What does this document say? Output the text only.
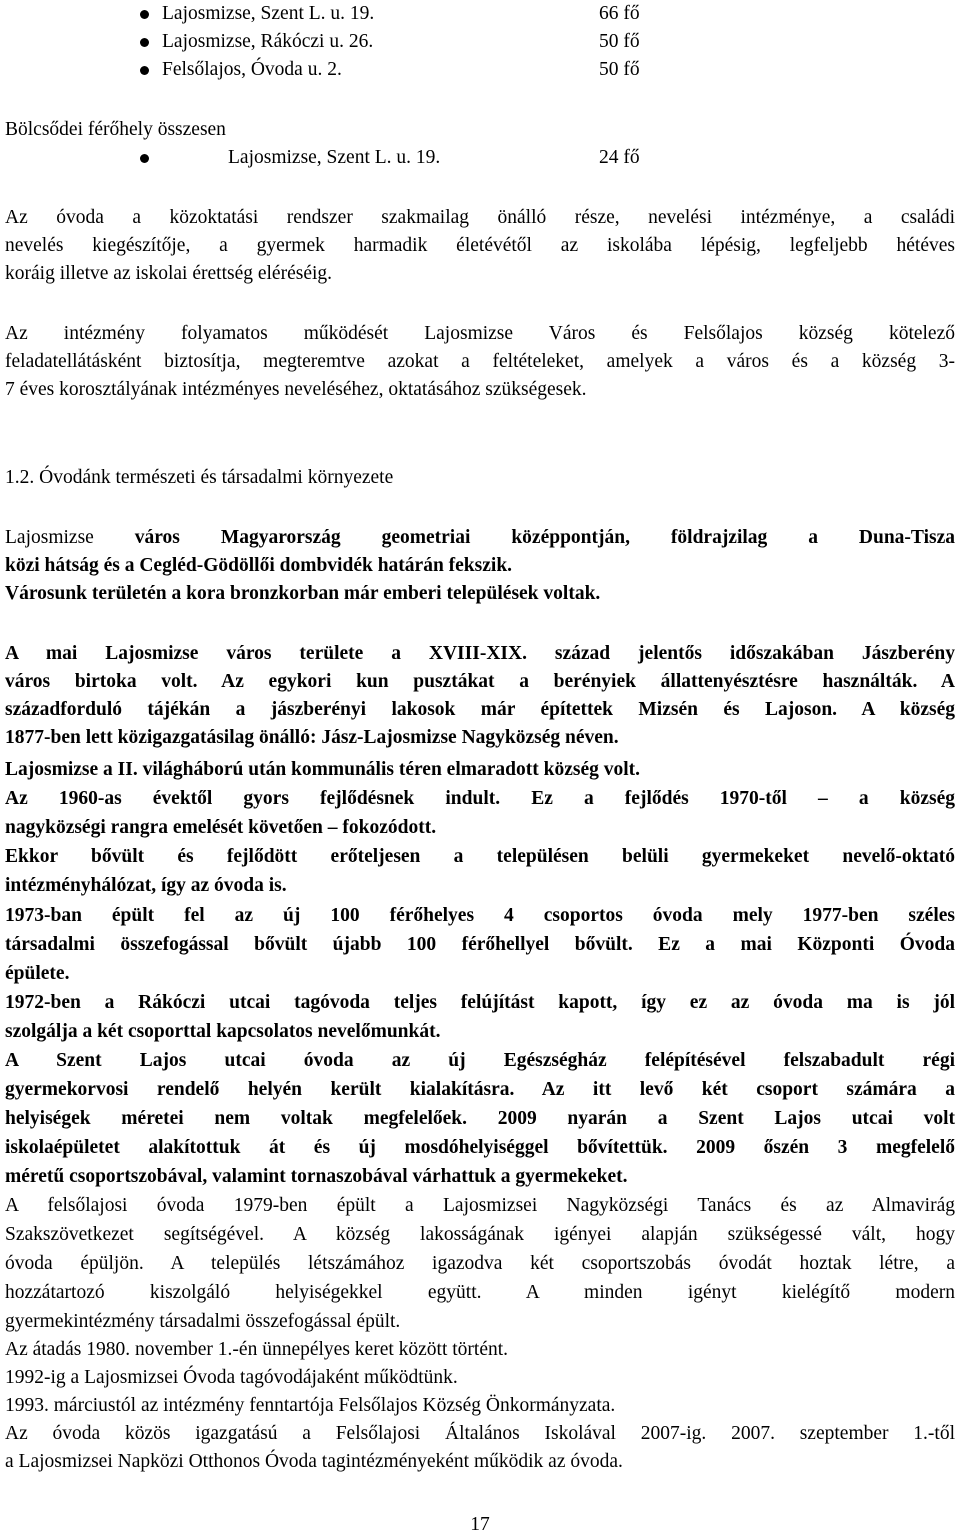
Lajosmizse, Szent L. u. 19.	66 fő
Lajosmizse, Rákóczi u. 26.	50 fő
Felsőlajos, Óvoda u. 2.	50 fő
Bölcsődei férőhely összesen
Lajosmizse, Szent L. u. 19.	24 fő
Az óvoda a közoktatási rendszer szakmailag önálló része, nevelési intézménye, a családi
nevelés kiegészítője, a gyermek harmadik életévétől az iskolába lépésig, legfeljebb hétéves
koráig illetve az iskolai érettség eléréséig.
Az intézmény folyamatos működését Lajosmizse Város és Felsőlajos község kötelező
feladatellátásként biztosítja, megteremtve azokat a feltételeket, amelyek a város és a község 3-
7 éves korosztályának intézményes neveléséhez, oktatásához szükségesek.
1.2. Óvodánk természeti és társadalmi környezete
Lajosmizse város Magyarország geometriai középpontján, földrajzilag a Duna-Tisza
közi hátság és a Cegléd-Gödöllői dombvidék határán fekszik.
Városunk területén a kora bronzkorban már emberi települések voltak.
A mai Lajosmizse város területe a XVIII-XIX. század jelentős időszakában Jászberény
város birtoka volt. Az egykori kun pusztákat a berényiek állattenyésztésre használták. A
századforduló tájékán a jászberényi lakosok már építettek Mizsén és Lajoson. A község
1877-ben lett közigazgatásilag önálló: Jász-Lajosmizse Nagyközség néven.
Lajosmizse a II. világháború után kommunális téren elmaradott község volt.
Az 1960-as évektől gyors fejlődésnek indult. Ez a fejlődés 1970-től – a község
nagyközségi rangra emelését követően – fokozódott.
Ekkor bővült és fejlődött erőteljesen a településen belüli gyermekeket nevelő-oktató
intézményhálózat, így az óvoda is.
1973-ban épült fel az új 100 férőhelyes 4 csoportos óvoda mely 1977-ben széles
társadalmi összefogással bővült újabb 100 férőhellyel bővült. Ez a mai Központi Óvoda
épülete.
1972-ben a Rákóczi utcai tagóvoda teljes felújítást kapott, így ez az óvoda ma is jól
szolgálja a két csoporttal kapcsolatos nevelőmunkát.
A Szent Lajos utcai óvoda az új Egészségház felépítésével felszabadult régi
gyermekorvosi rendelő helyén került kialakításra. Az itt levő két csoport számára a
helyiségek méretei nem voltak megfelelőek. 2009 nyarán a Szent Lajos utcai volt
iskolaépületet alakítottuk át és új mosdóhelyiséggel bővítettük. 2009 őszén 3 megfelelő
méretű csoportszobával, valamint tornaszobával várhattuk a gyermekeket.
A felsőlajosi óvoda 1979-ben épült a Lajosmizsei Nagyközségi Tanács és az Almavirág
Szakszövetkezet segítségével. A község lakosságának igényei alapján szükségessé vált, hogy
óvoda épüljön. A település létszámához igazodva két csoportszobás óvodát hoztak létre, a
hozzátartozó kiszolgáló helyiségekkel együtt. A minden igényt kielégítő modern
gyermekintézmény társadalmi összefogással épült.
Az átadás 1980. november 1.-én ünnepélyes keret között történt.
1992-ig a Lajosmizsei Óvoda tagóvodájaként működtünk.
1993. márciustól az intézmény fenntartója Felsőlajos Község Önkormányzata.
Az óvoda közös igazgatású a Felsőlajosi Általános Iskolával 2007-ig. 2007. szeptember 1.-től
a Lajosmizsei Napközi Otthonos Óvoda tagintézményeként működik az óvoda.
17
